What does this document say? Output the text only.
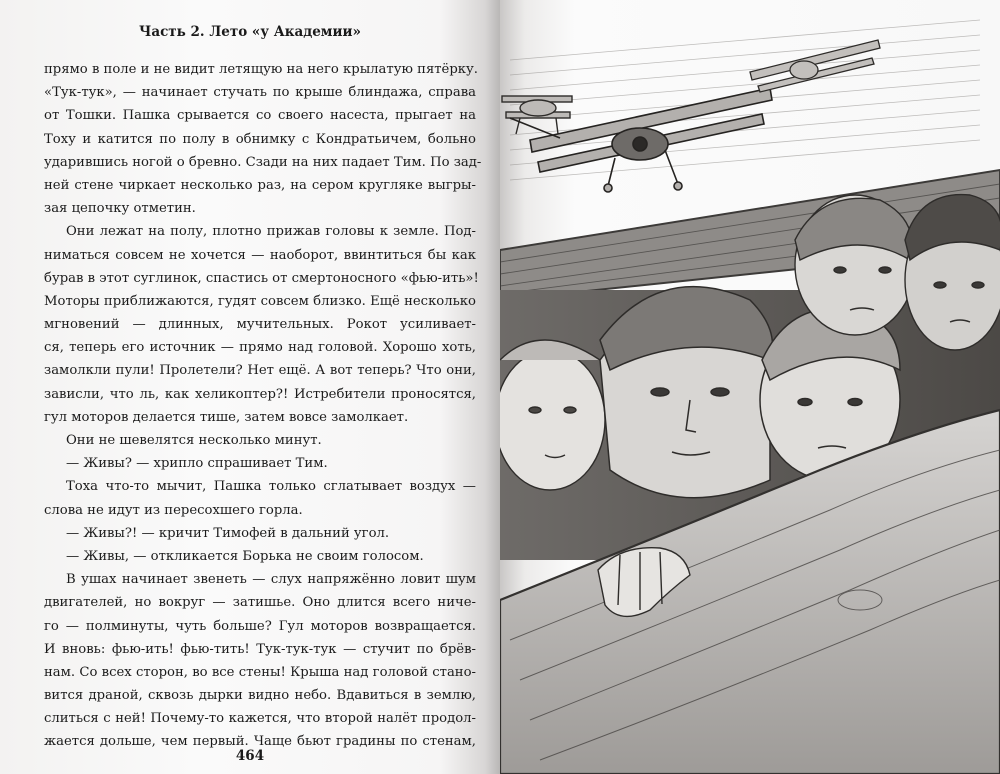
Часть 2. Лето «у Академии»
прямо в поле и не видит летящую на него крылатую пятёрку.
«Тук-тук», — начинает стучать по крыше блиндажа, справа
от Тошки. Пашка срывается со своего насеста, прыгает на
Тоху и катится по полу в обнимку с Кондратьичем, больно
ударившись ногой о бревно. Сзади на них падает Тим. По зад-
ней стене чиркает несколько раз, на сером кругляке выгры-
зая цепочку отметин.
Они лежат на полу, плотно прижав головы к земле. Под-
ниматься совсем не хочется — наоборот, ввинтиться бы как
бурав в этот суглинок, спастись от смертоносного «фью-ить»!
Моторы приближаются, гудят совсем близко. Ещё несколько
мгновений — длинных, мучительных. Рокот усиливает-
ся, теперь его источник — прямо над головой. Хорошо хоть,
замолкли пули! Пролетели? Нет ещё. А вот теперь? Что они,
зависли, что ль, как хеликоптер?! Истребители проносятся,
гул моторов делается тише, затем вовсе замолкает.
Они не шевелятся несколько минут.
— Живы? — хрипло спрашивает Тим.
Тоха что-то мычит, Пашка только сглатывает воздух —
слова не идут из пересохшего горла.
— Живы?! — кричит Тимофей в дальний угол.
— Живы, — откликается Борька не своим голосом.
В ушах начинает звенеть — слух напряжённо ловит шум
двигателей, но вокруг — затишье. Оно длится всего ниче-
го — полминуты, чуть больше? Гул моторов возвращается.
И вновь: фью-ить! фью-тить! Тук-тук-тук — стучит по брёв-
нам. Со всех сторон, во все стены! Крыша над головой стано-
вится драной, сквозь дырки видно небо. Вдавиться в землю,
слиться с ней! Почему-то кажется, что второй налёт продол-
жается дольше, чем первый. Чаще бьют градины по стенам,

464
